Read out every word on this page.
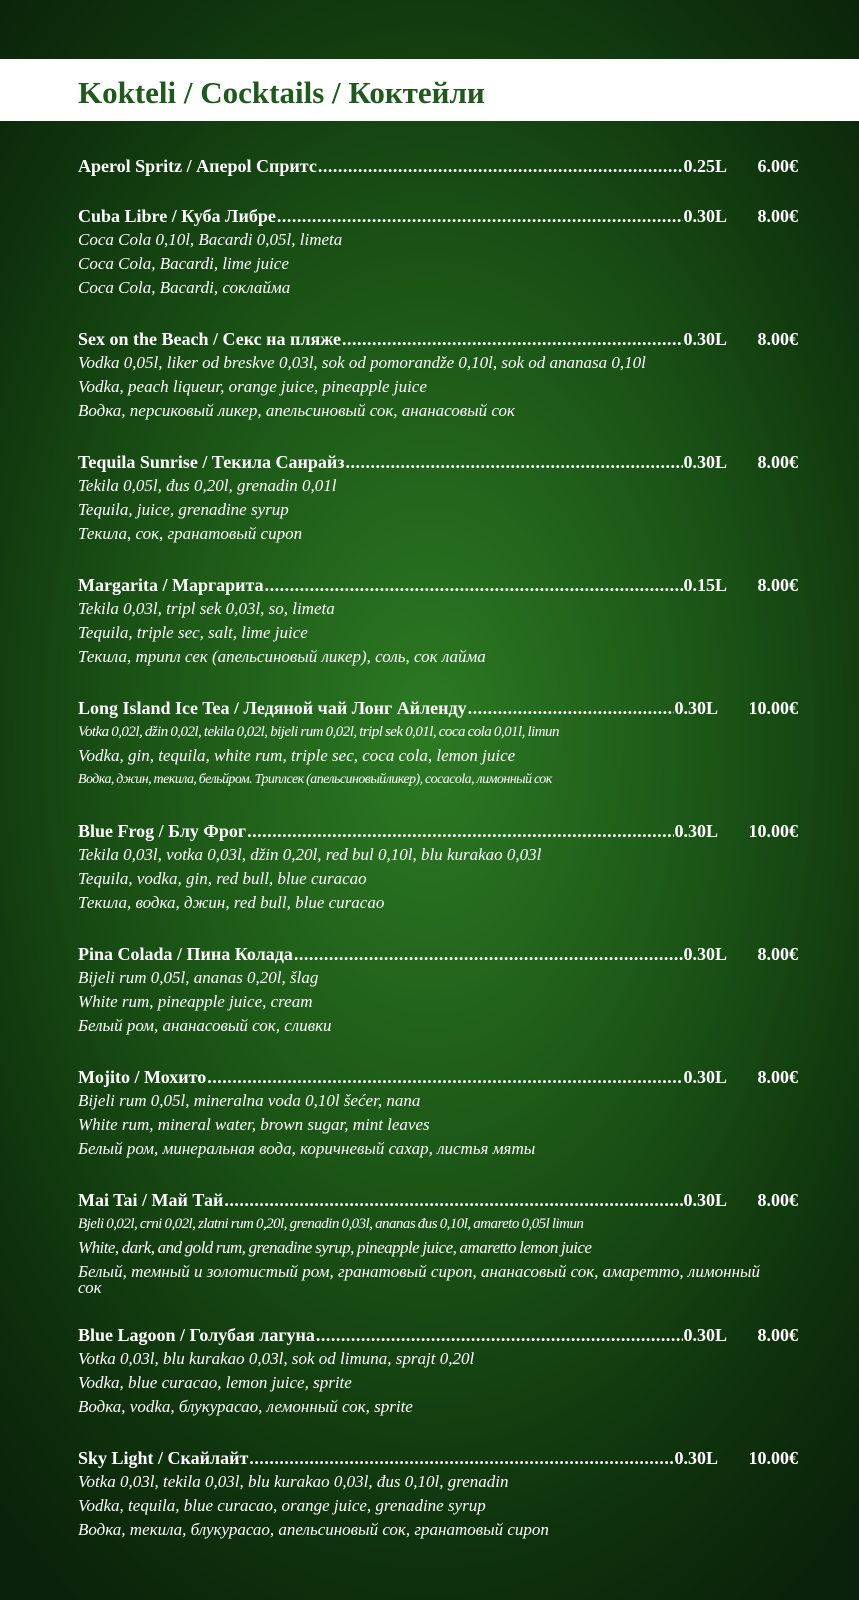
Kokteli / Cocktails / Коктейли
Aperol Spritz / Апероl Спритс .....	0.25L	6.00€
Cuba Libre / Куба Либре .....	0.30L	8.00€
Coca Cola 0,10l, Bacardi 0,05l, limeta
Coca Cola, Bacardi, lime juice
Coca Cola, Bacardi, соклайма
Sex on the Beach / Секс на пляже .....	0.30L	8.00€
Vodka 0,05l, liker od breskve 0,03l, sok od pomorandže 0,10l, sok od ananasa 0,10l
Vodka, peach liqueur, orange juice, pineapple juice
Водка, персиковый ликер, апельсиновый сок, ананасовый сок
Tequila Sunrise / Текила Санрайз .....	0.30L	8.00€
Tekila 0,05l, đus 0,20l, grenadin 0,01l
Tequila, juice, grenadine syrup
Текила, сок, гранатовый сироп
Margarita / Маргарита .....	0.15L	8.00€
Tekila 0,03l, tripl sek 0,03l, so, limeta
Tequila, triple sec, salt, lime juice
Текила, трипл сек (апельсиновый ликер), соль, сок лайма
Long Island Ice Tea / Ледяной чай Лонг Айленду .....	0.30L	10.00€
Votka 0,02l, džin 0,02l, tekila 0,02l, bijeli rum 0,02l, tripl sek 0,01l, coca cola 0,01l, limun
Vodka, gin, tequila, white rum, triple sec, coca cola, lemon juice
Водка, джин, текила, бельйром. Триплсек (апельсиновыйликер), cocacola, лимонный сок
Blue Frog / Блу Фрог .....	0.30L	10.00€
Tekila 0,03l, votka 0,03l, džin 0,20l, red bul 0,10l, blu kurakao 0,03l
Tequila, vodka, gin, red bull, blue curacao
Текила, водка, джин, red bull, blue curacao
Pina Colada / Пина Колада .....	0.30L	8.00€
Bijeli rum 0,05l, ananas 0,20l, šlag
White rum, pineapple juice, cream
Белый ром, ананасовый сок, сливки
Mojito / Мохито .....	0.30L	8.00€
Bijeli rum 0,05l, mineralna voda 0,10l šećer, nana
White rum, mineral water, brown sugar, mint leaves
Белый ром, минеральная вода, коричневый сахар, листья мяты
Mai Tai / Май Тай .....	0.30L	8.00€
Bjeli 0,02l, crni 0,02l, zlatni rum 0,20l, grenadin 0,03l, ananas đus 0,10l, amareto 0,05l limun
White, dark, and gold rum, grenadine syrup, pineapple juice, amaretto lemon juice
Белый, темный и золотистый ром, гранатовый сироп, ананасовый сок, амаретто, лимонный сок
Blue Lagoon / Голубая лагуна .....	0.30L	8.00€
Votka 0,03l, blu kurakao 0,03l, sok od limuna, sprajt 0,20l
Vodka, blue curacao, lemon juice, sprite
Водка, vodka, блукурасао, лемонный сок, sprite
Sky Light / Скайлайт .....	0.30L	10.00€
Votka 0,03l, tekila 0,03l, blu kurakao 0,03l, đus 0,10l, grenadin
Vodka, tequila, blue curacao, orange juice, grenadine syrup
Водка, текила, блукурасао, апельсиновый сок, гранатовый сироп
